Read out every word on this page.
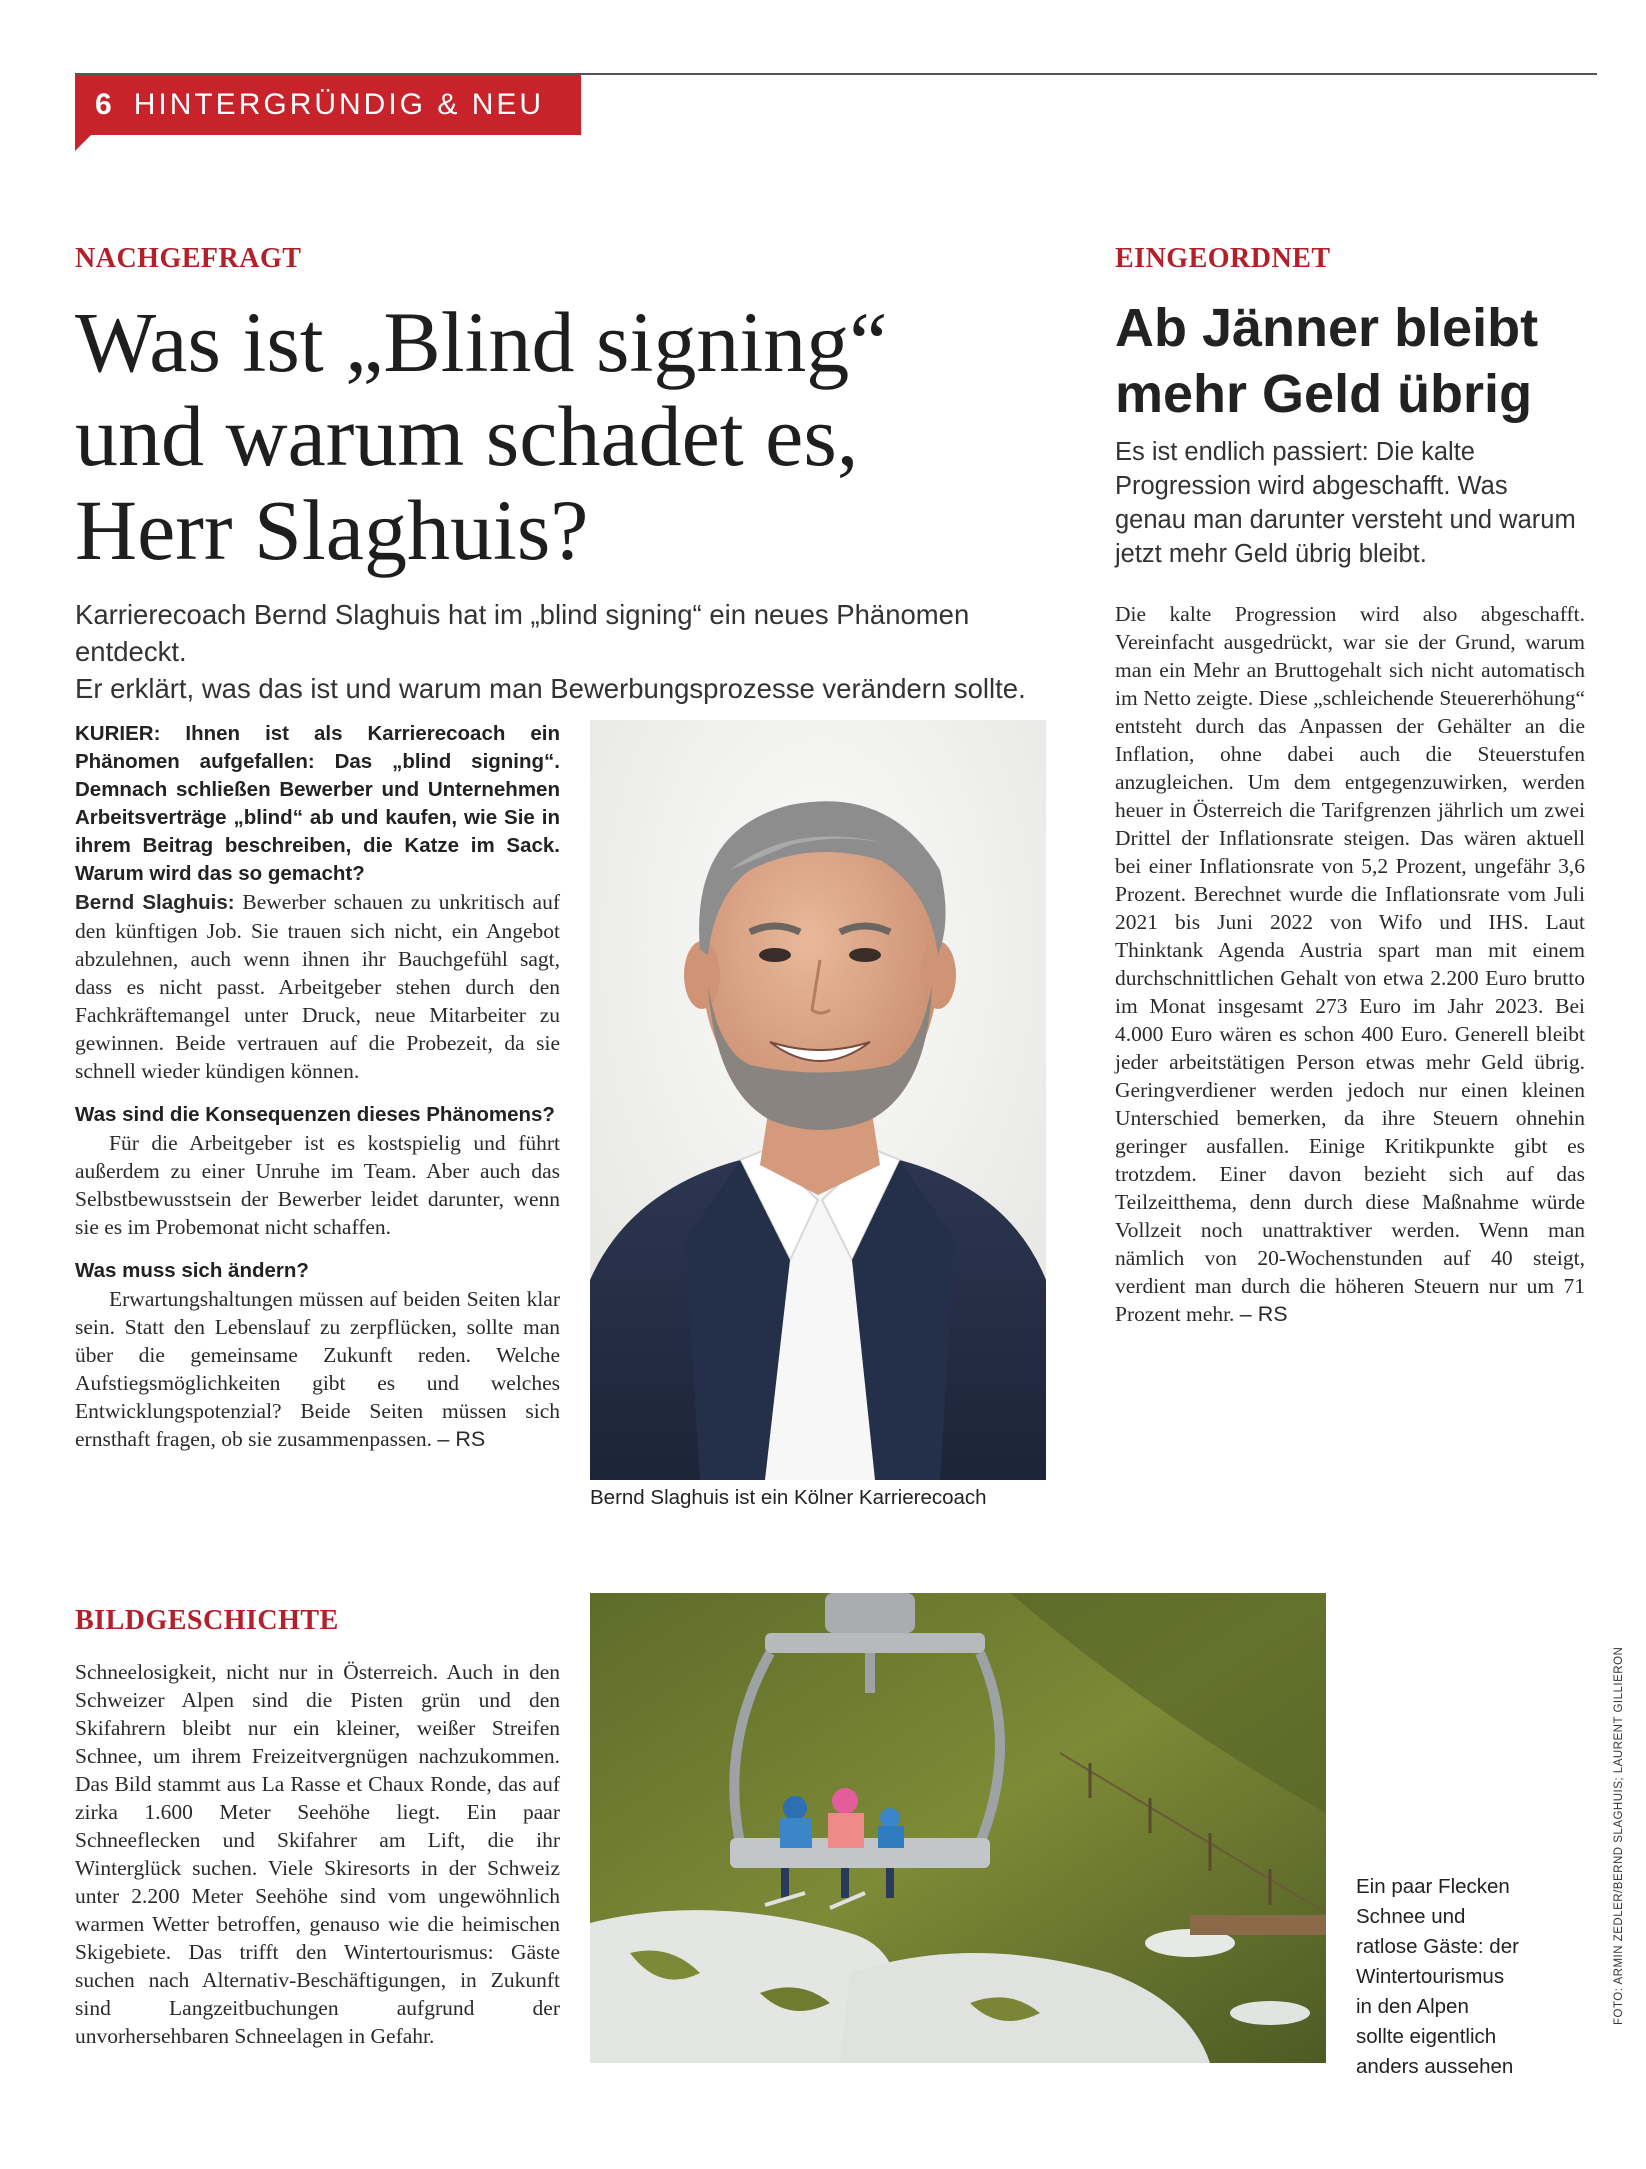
6 HINTERGRÜNDIG & NEU
NACHGEFRAGT
Was ist „Blind signing“
und warum schadet es,
Herr Slaghuis?

Karrierecoach Bernd Slaghuis hat im „blind signing“ ein neues Phänomen entdeckt.
Er erklärt, was das ist und warum man Bewerbungsprozesse verändern sollte.

KURIER: Ihnen ist als Karrierecoach ein Phänomen aufgefallen: Das „blind signing“. Demnach schließen Bewerber und Unternehmen Arbeitsverträge „blind“ ab und kaufen, wie Sie in ihrem Beitrag beschreiben, die Katze im Sack. Warum wird das so gemacht?

Bernd Slaghuis: Bewerber schauen zu unkritisch auf den künftigen Job. Sie trauen sich nicht, ein Angebot abzulehnen, auch wenn ihnen ihr Bauchgefühl sagt, dass es nicht passt. Arbeitgeber stehen durch den Fachkräftemangel unter Druck, neue Mitarbeiter zu gewinnen. Beide vertrauen auf die Probezeit, da sie schnell wieder kündigen können.

Was sind die Konsequenzen dieses Phänomens?

Für die Arbeitgeber ist es kostspielig und führt außerdem zu einer Unruhe im Team. Aber auch das Selbstbewusstsein der Bewerber leidet darunter, wenn sie es im Probemonat nicht schaffen.

Was muss sich ändern?

Erwartungshaltungen müssen auf beiden Seiten klar sein. Statt den Lebenslauf zu zerpflücken, sollte man über die gemeinsame Zukunft reden. Welche Aufstiegsmöglichkeiten gibt es und welches Entwicklungspotenzial? Beide Seiten müssen sich ernsthaft fragen, ob sie zusammenpassen. – RS

Bernd Slaghuis ist ein Kölner Karrierecoach

EINGEORDNET
Ab Jänner bleibt
mehr Geld übrig

Es ist endlich passiert: Die kalte Progression wird abgeschafft. Was genau man darunter versteht und warum jetzt mehr Geld übrig bleibt.

Die kalte Progression wird also abgeschafft. Vereinfacht ausgedrückt, war sie der Grund, warum man ein Mehr an Bruttogehalt sich nicht automatisch im Netto zeigte. Diese „schleichende Steuererhöhung“ entsteht durch das Anpassen der Gehälter an die Inflation, ohne dabei auch die Steuerstufen anzugleichen. Um dem entgegenzuwirken, werden heuer in Österreich die Tarifgrenzen jährlich um zwei Drittel der Inflationsrate steigen. Das wären aktuell bei einer Inflationsrate von 5,2 Prozent, ungefähr 3,6 Prozent. Berechnet wurde die Inflationsrate vom Juli 2021 bis Juni 2022 von Wifo und IHS. Laut Thinktank Agenda Austria spart man mit einem durchschnittlichen Gehalt von etwa 2.200 Euro brutto im Monat insgesamt 273 Euro im Jahr 2023. Bei 4.000 Euro wären es schon 400 Euro. Generell bleibt jeder arbeitstätigen Person etwas mehr Geld übrig. Geringverdiener werden jedoch nur einen kleinen Unterschied bemerken, da ihre Steuern ohnehin geringer ausfallen. Einige Kritikpunkte gibt es trotzdem. Einer davon bezieht sich auf das Teilzeitthema, denn durch diese Maßnahme würde Vollzeit noch unattraktiver werden. Wenn man nämlich von 20-Wochenstunden auf 40 steigt, verdient man durch die höheren Steuern nur um 71 Prozent mehr. – RS

BILDGESCHICHTE

Schneelosigkeit, nicht nur in Österreich. Auch in den Schweizer Alpen sind die Pisten grün und den Skifahrern bleibt nur ein kleiner, weißer Streifen Schnee, um ihrem Freizeitvergnügen nachzukommen. Das Bild stammt aus La Rasse et Chaux Ronde, das auf zirka 1.600 Meter Seehöhe liegt. Ein paar Schneeflecken und Skifahrer am Lift, die ihr Winterglück suchen. Viele Skiresorts in der Schweiz unter 2.200 Meter Seehöhe sind vom ungewöhnlich warmen Wetter betroffen, genauso wie die heimischen Skigebiete. Das trifft den Wintertourismus: Gäste suchen nach Alternativ-Beschäftigungen, in Zukunft sind Langzeitbuchungen aufgrund der unvorhersehbaren Schneelagen in Gefahr.

Ein paar Flecken
Schnee und
ratlose Gäste: der
Wintertourismus
in den Alpen
sollte eigentlich
anders aussehen

FOTO: ARMIN ZEDLER/BERND SLAGHUIS; LAURENT GILLIERON
